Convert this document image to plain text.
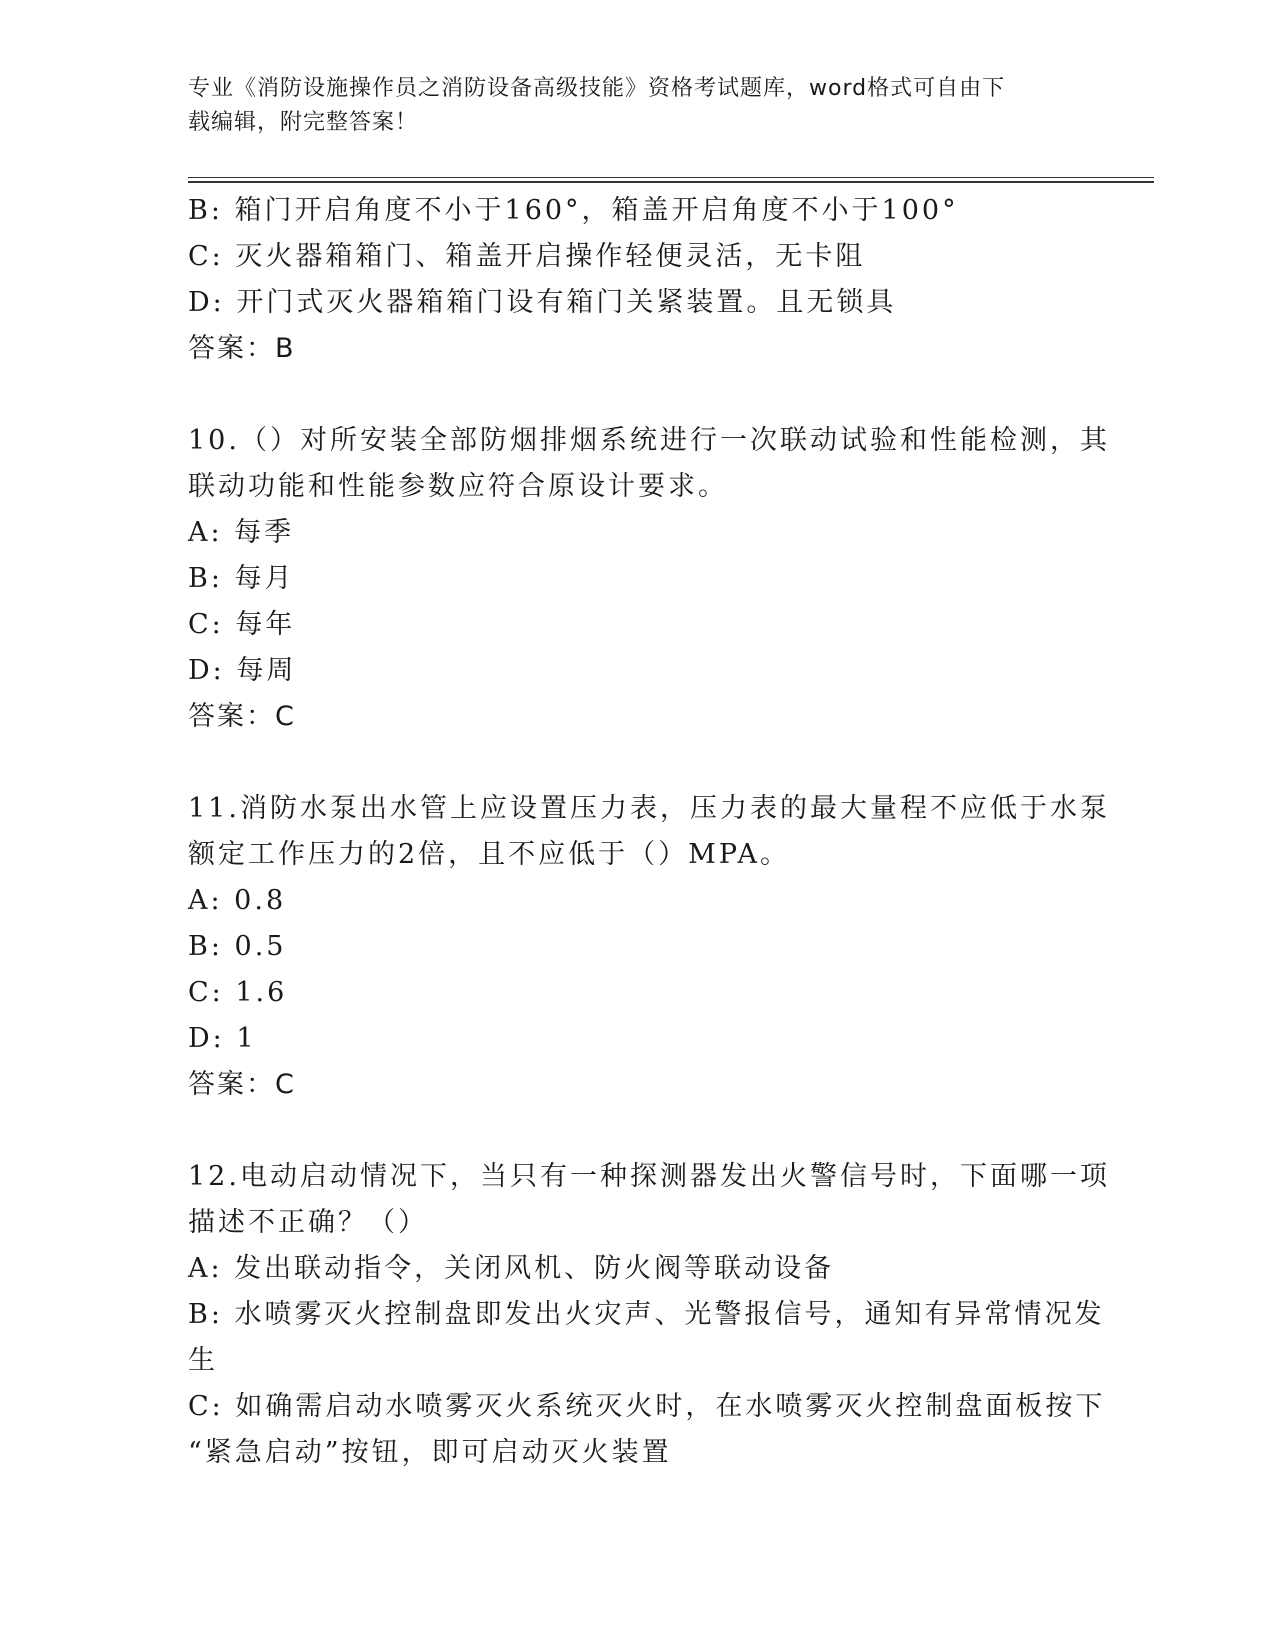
专业《消防设施操作员之消防设备高级技能》资格考试题库，word格式可自由下
载编辑，附完整答案！

B: 箱门开启角度不小于160°，箱盖开启角度不小于100°

C: 灭火器箱箱门、箱盖开启操作轻便灵活，无卡阻

D: 开门式灭火器箱箱门设有箱门关紧装置。且无锁具

答案：B

10.（）对所安装全部防烟排烟系统进行一次联动试验和性能检测，其

联动功能和性能参数应符合原设计要求。

A: 每季

B: 每月

C: 每年

D: 每周

答案：C

11.消防水泵出水管上应设置压力表，压力表的最大量程不应低于水泵

额定工作压力的2倍，且不应低于（）MPA。

A: 0.8

B: 0.5

C: 1.6

D: 1

答案：C

12.电动启动情况下，当只有一种探测器发出火警信号时，下面哪一项

描述不正确？（）

A: 发出联动指令，关闭风机、防火阀等联动设备

B: 水喷雾灭火控制盘即发出火灾声、光警报信号，通知有异常情况发

生

C: 如确需启动水喷雾灭火系统灭火时，在水喷雾灭火控制盘面板按下

“紧急启动”按钮，即可启动灭火装置
